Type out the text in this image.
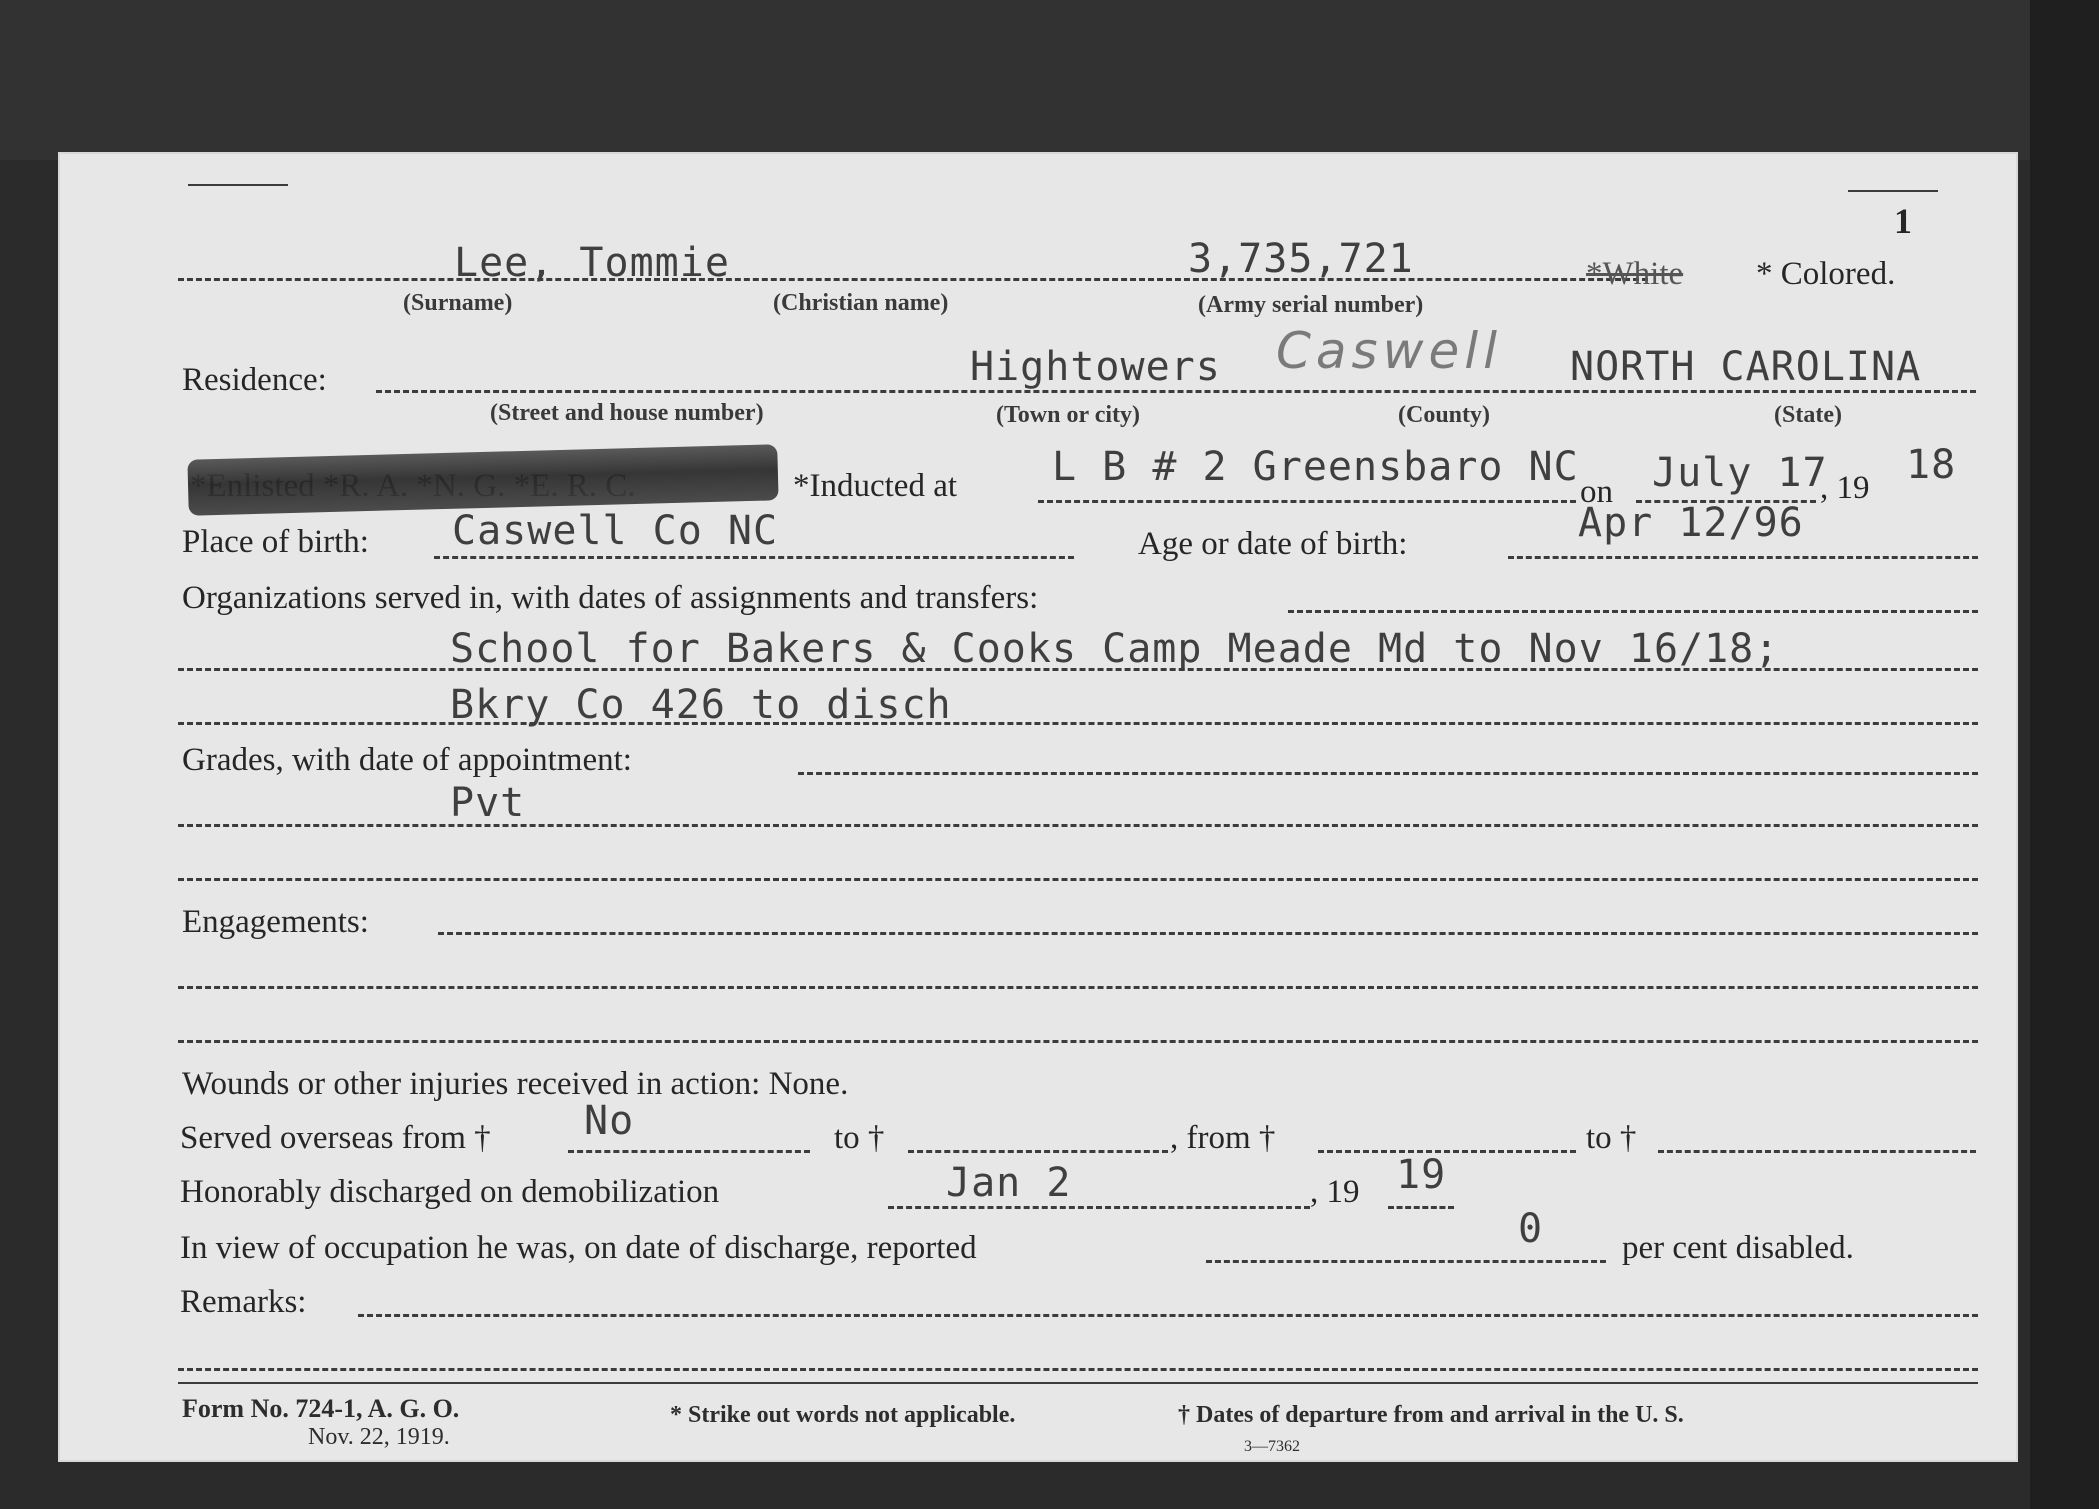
1
Lee, Tommie	3,735,721	*White * Colored.
(Surname)	(Christian name)	(Army serial number)
Residence:	Hightowers Caswell NORTH CAROLINA
(Street and house number)	(Town or city)	(County)	(State)
*Inducted at L B # 2 Greensbaro NC
on July 17
, 19 18
Place of birth: Caswell Co NC	Age or date of birth:	Apr 12/96
Organizations served in, with dates of assignments and transfers:
School for Bakers & Cooks Camp Meade Md to Nov 16/18;
Bkry Co 426 to disch
Grades, with date of appointment:
Pvt
Engagements:
Wounds or other injuries received in action: None.
Served overseas from † No	to †	, from †	to †
Honorably discharged on demobilization	Jan 2	, 19 19
In view of occupation he was, on date of discharge, reported	0 per cent disabled.
Remarks:
Form No. 724-1, A. G. O.
Nov. 22, 1919.
* Strike out words not applicable.	† Dates of departure from and arrival in the U. S.
3—7362
